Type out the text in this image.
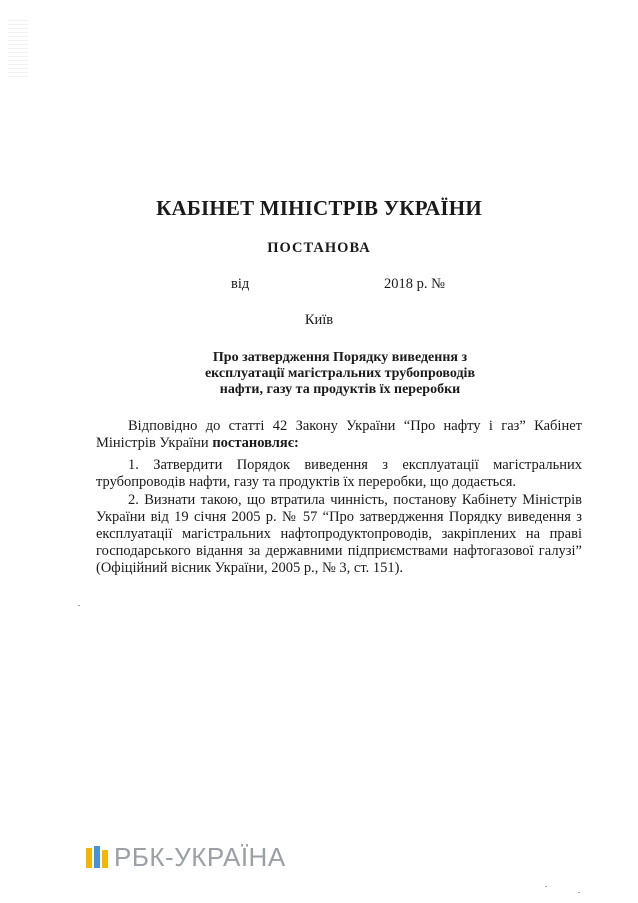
КАБІНЕТ МІНІСТРІВ УКРАЇНИ
ПОСТАНОВА
від	2018 р. №
Київ
Про затвердження Порядку виведення з
експлуатації магістральних трубопроводів
нафти, газу та продуктів їх переробки
Відповідно до статті 42 Закону України “Про нафту і газ” Кабінет
Міністрів України постановляє:
1. Затвердити Порядок виведення з експлуатації магістральних
трубопроводів нафти, газу та продуктів їх переробки, що додається.
2. Визнати такою, що втратила чинність, постанову Кабінету Міністрів
України від 19 січня 2005 р. № 57 “Про затвердження Порядку виведення з
експлуатації магістральних нафтопродуктопроводів, закріплених на праві
господарського відання за державними підприємствами нафтогазової галузі”
(Офіційний вісник України, 2005 р., № 3, ст. 151).
РБК-УКРАЇНА
